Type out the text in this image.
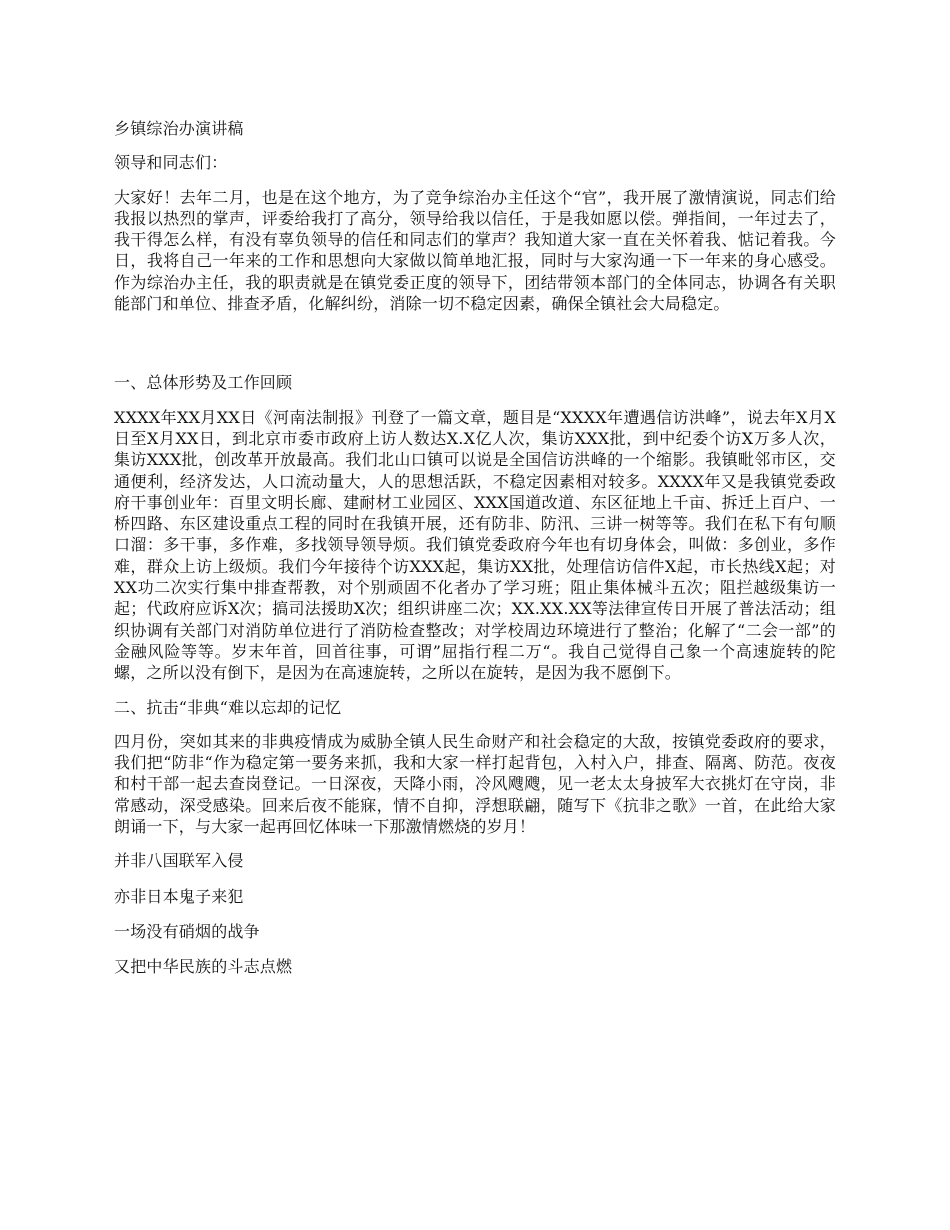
乡镇综治办演讲稿

领导和同志们：

大家好！去年二月，也是在这个地方，为了竞争综治办主任这个“官”，我开展了激情演说，同志们给我报以热烈的掌声，评委给我打了高分，领导给我以信任，于是我如愿以偿。弹指间，一年过去了，我干得怎么样，有没有辜负领导的信任和同志们的掌声？我知道大家一直在关怀着我、惦记着我。今日，我将自己一年来的工作和思想向大家做以简单地汇报，同时与大家沟通一下一年来的身心感受。作为综治办主任，我的职责就是在镇党委正度的领导下，团结带领本部门的全体同志，协调各有关职能部门和单位、排查矛盾，化解纠纷，消除一切不稳定因素，确保全镇社会大局稳定。

一、总体形势及工作回顾

XXXX年XX月XX日《河南法制报》刊登了一篇文章，题目是“XXXX年遭遇信访洪峰”，说去年X月X日至X月XX日，到北京市委市政府上访人数达X.X亿人次，集访XXX批，到中纪委个访X万多人次，集访XXX批，创改革开放最高。我们北山口镇可以说是全国信访洪峰的一个缩影。我镇毗邻市区，交通便利，经济发达，人口流动量大，人的思想活跃，不稳定因素相对较多。XXXX年又是我镇党委政府干事创业年：百里文明长廊、建耐材工业园区、XXX国道改道、东区征地上千亩、拆迁上百户、一桥四路、东区建设重点工程的同时在我镇开展，还有防非、防汛、三讲一树等等。我们在私下有句顺口溜：多干事，多作难，多找领导领导烦。我们镇党委政府今年也有切身体会，叫做：多创业，多作难，群众上访上级烦。我们今年接待个访XXX起，集访XX批，处理信访信件X起，市长热线X起；对XX功二次实行集中排查帮教，对个别顽固不化者办了学习班；阻止集体械斗五次；阻拦越级集访一起；代政府应诉X次；搞司法援助X次；组织讲座二次；XX.XX.XX等法律宣传日开展了普法活动；组织协调有关部门对消防单位进行了消防检查整改；对学校周边环境进行了整治；化解了“二会一部”的金融风险等等。岁末年首，回首往事，可谓”屈指行程二万“。我自己觉得自己象一个高速旋转的陀螺，之所以没有倒下，是因为在高速旋转，之所以在旋转，是因为我不愿倒下。

二、抗击“非典“难以忘却的记忆

四月份，突如其来的非典疫情成为威胁全镇人民生命财产和社会稳定的大敌，按镇党委政府的要求，我们把“防非“作为稳定第一要务来抓，我和大家一样打起背包，入村入户，排查、隔离、防范。夜夜和村干部一起去查岗登记。一日深夜，天降小雨，冷风飕飕，见一老太太身披军大衣挑灯在守岗，非常感动，深受感染。回来后夜不能寐，情不自抑，浮想联翩，随写下《抗非之歌》一首，在此给大家朗诵一下，与大家一起再回忆体味一下那激情燃烧的岁月！

并非八国联军入侵

亦非日本鬼子来犯

一场没有硝烟的战争

又把中华民族的斗志点燃
